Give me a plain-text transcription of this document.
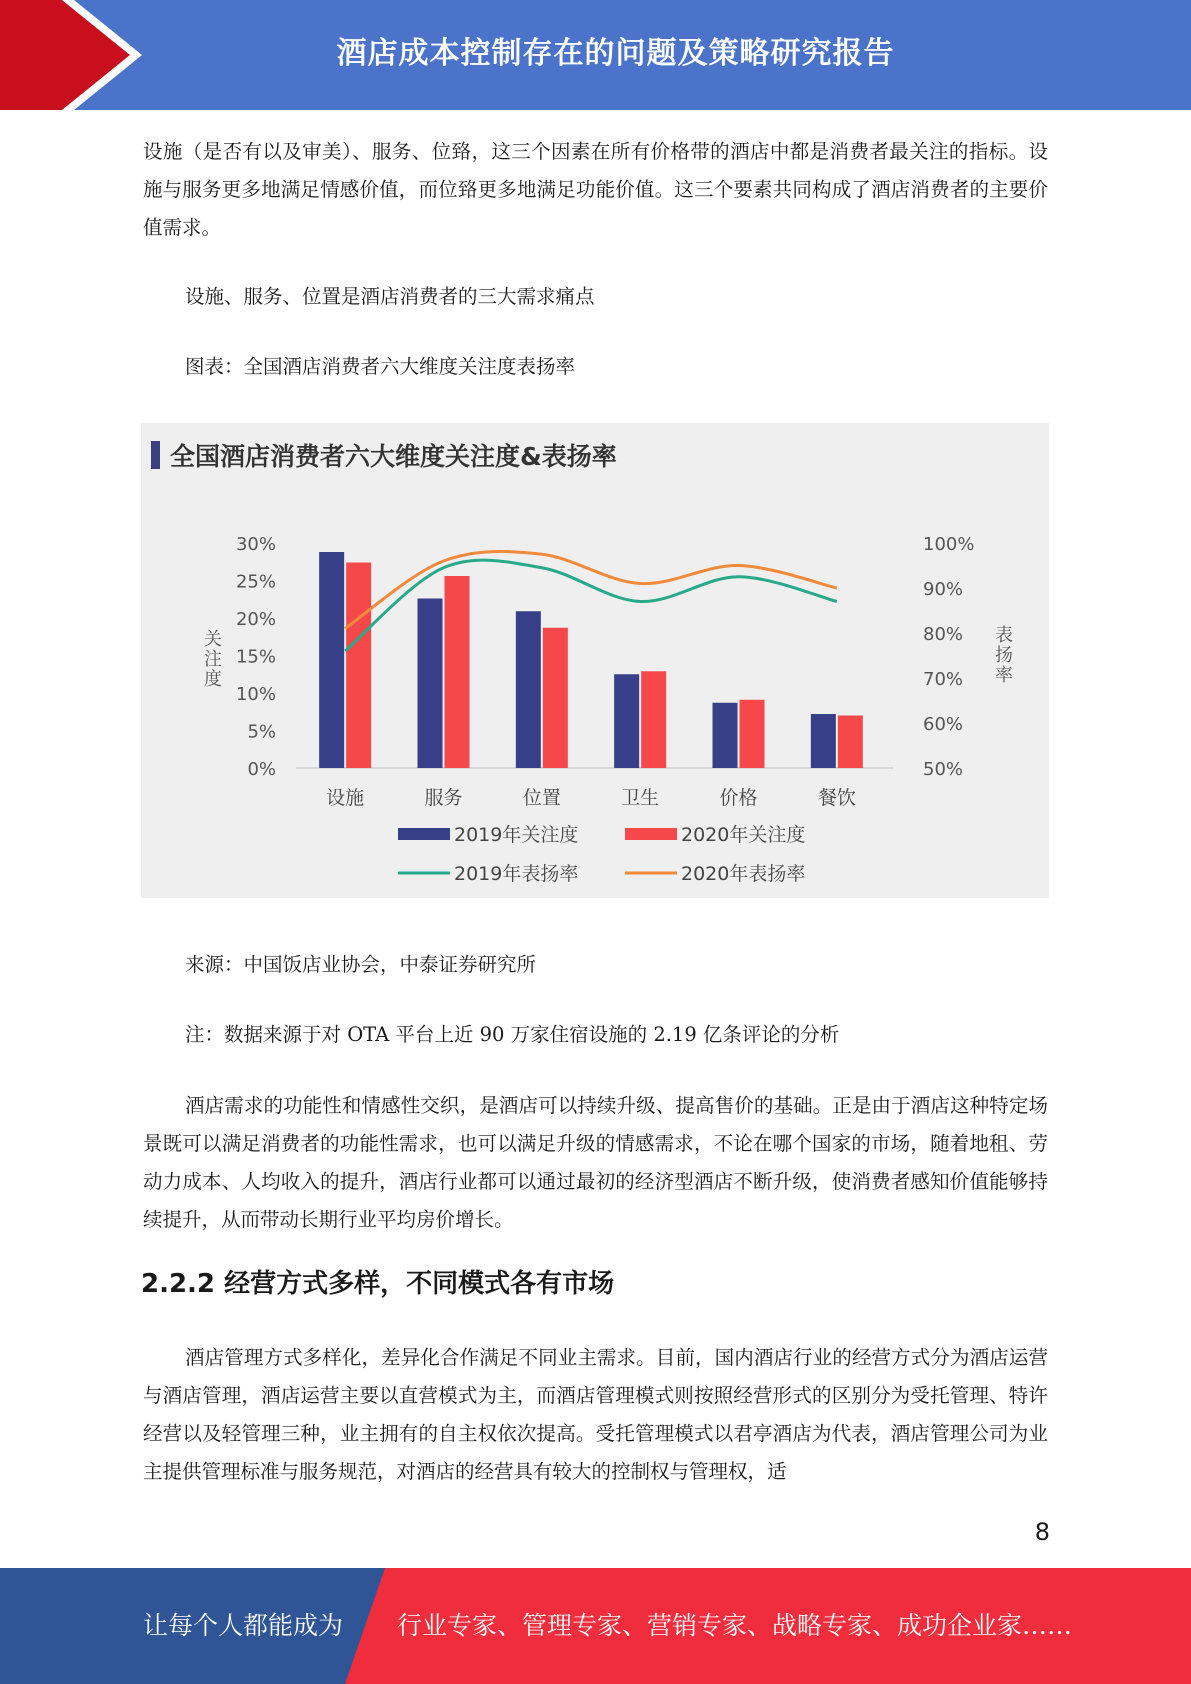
酒店成本控制存在的问题及策略研究报告
设施（是否有以及审美）、服务、位臵，这三个因素在所有价格带的酒店中都是消费者最关注的指标。设施与服务更多地满足情感价值，而位臵更多地满足功能价值。这三个要素共同构成了酒店消费者的主要价值需求。
设施、服务、位置是酒店消费者的三大需求痛点
图表：全国酒店消费者六大维度关注度表扬率
全国酒店消费者六大维度关注度&表扬率
0%
5%
10%
15%
20%
25%
30%
50%
60%
70%
80%
90%
100%
关
注
度
表
扬
率
设施	服务	位置	卫生	价格	餐饮
2019年关注度	2020年关注度
2019年表扬率	2020年表扬率
来源：中国饭店业协会，中泰证券研究所
注：数据来源于对 OTA 平台上近 90 万家住宿设施的 2.19 亿条评论的分析
酒店需求的功能性和情感性交织，是酒店可以持续升级、提高售价的基础。正是由于酒店这种特定场景既可以满足消费者的功能性需求，也可以满足升级的情感需求，不论在哪个国家的市场，随着地租、劳动力成本、人均收入的提升，酒店行业都可以通过最初的经济型酒店不断升级，使消费者感知价值能够持续提升，从而带动长期行业平均房价增长。
2.2.2 经营方式多样，不同模式各有市场
酒店管理方式多样化，差异化合作满足不同业主需求。目前，国内酒店行业的经营方式分为酒店运营与酒店管理，酒店运营主要以直营模式为主，而酒店管理模式则按照经营形式的区别分为受托管理、特许经营以及轻管理三种，业主拥有的自主权依次提高。受托管理模式以君亭酒店为代表，酒店管理公司为业主提供管理标准与服务规范，对酒店的经营具有较大的控制权与管理权，适
8
让每个人都能成为 行业专家、管理专家、营销专家、战略专家、成功企业家……
